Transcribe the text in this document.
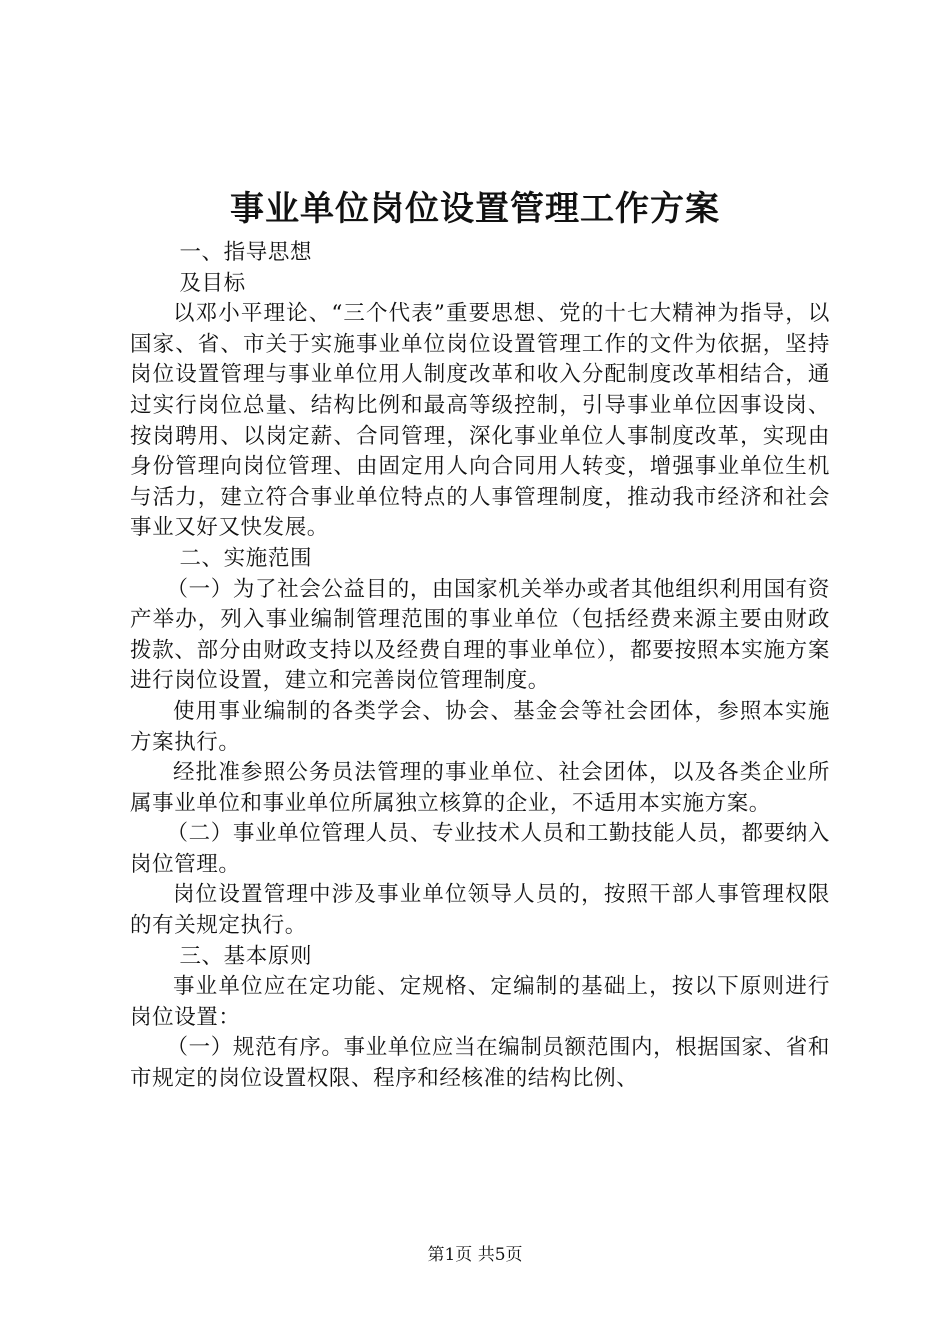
事业单位岗位设置管理工作方案

一、指导思想

及目标

以邓小平理论、“三个代表”重要思想、党的十七大精神为指导，以国家、省、市关于实施事业单位岗位设置管理工作的文件为依据，坚持岗位设置管理与事业单位用人制度改革和收入分配制度改革相结合，通过实行岗位总量、结构比例和最高等级控制，引导事业单位因事设岗、按岗聘用、以岗定薪、合同管理，深化事业单位人事制度改革，实现由身份管理向岗位管理、由固定用人向合同用人转变，增强事业单位生机与活力，建立符合事业单位特点的人事管理制度，推动我市经济和社会事业又好又快发展。

二、实施范围

（一）为了社会公益目的，由国家机关举办或者其他组织利用国有资产举办，列入事业编制管理范围的事业单位（包括经费来源主要由财政拨款、部分由财政支持以及经费自理的事业单位），都要按照本实施方案进行岗位设置，建立和完善岗位管理制度。

使用事业编制的各类学会、协会、基金会等社会团体，参照本实施方案执行。

经批准参照公务员法管理的事业单位、社会团体，以及各类企业所属事业单位和事业单位所属独立核算的企业，不适用本实施方案。

（二）事业单位管理人员、专业技术人员和工勤技能人员，都要纳入岗位管理。

岗位设置管理中涉及事业单位领导人员的，按照干部人事管理权限的有关规定执行。

三、基本原则

事业单位应在定功能、定规格、定编制的基础上，按以下原则进行岗位设置：

（一）规范有序。事业单位应当在编制员额范围内，根据国家、省和市规定的岗位设置权限、程序和经核准的结构比例、

第1页 共5页
